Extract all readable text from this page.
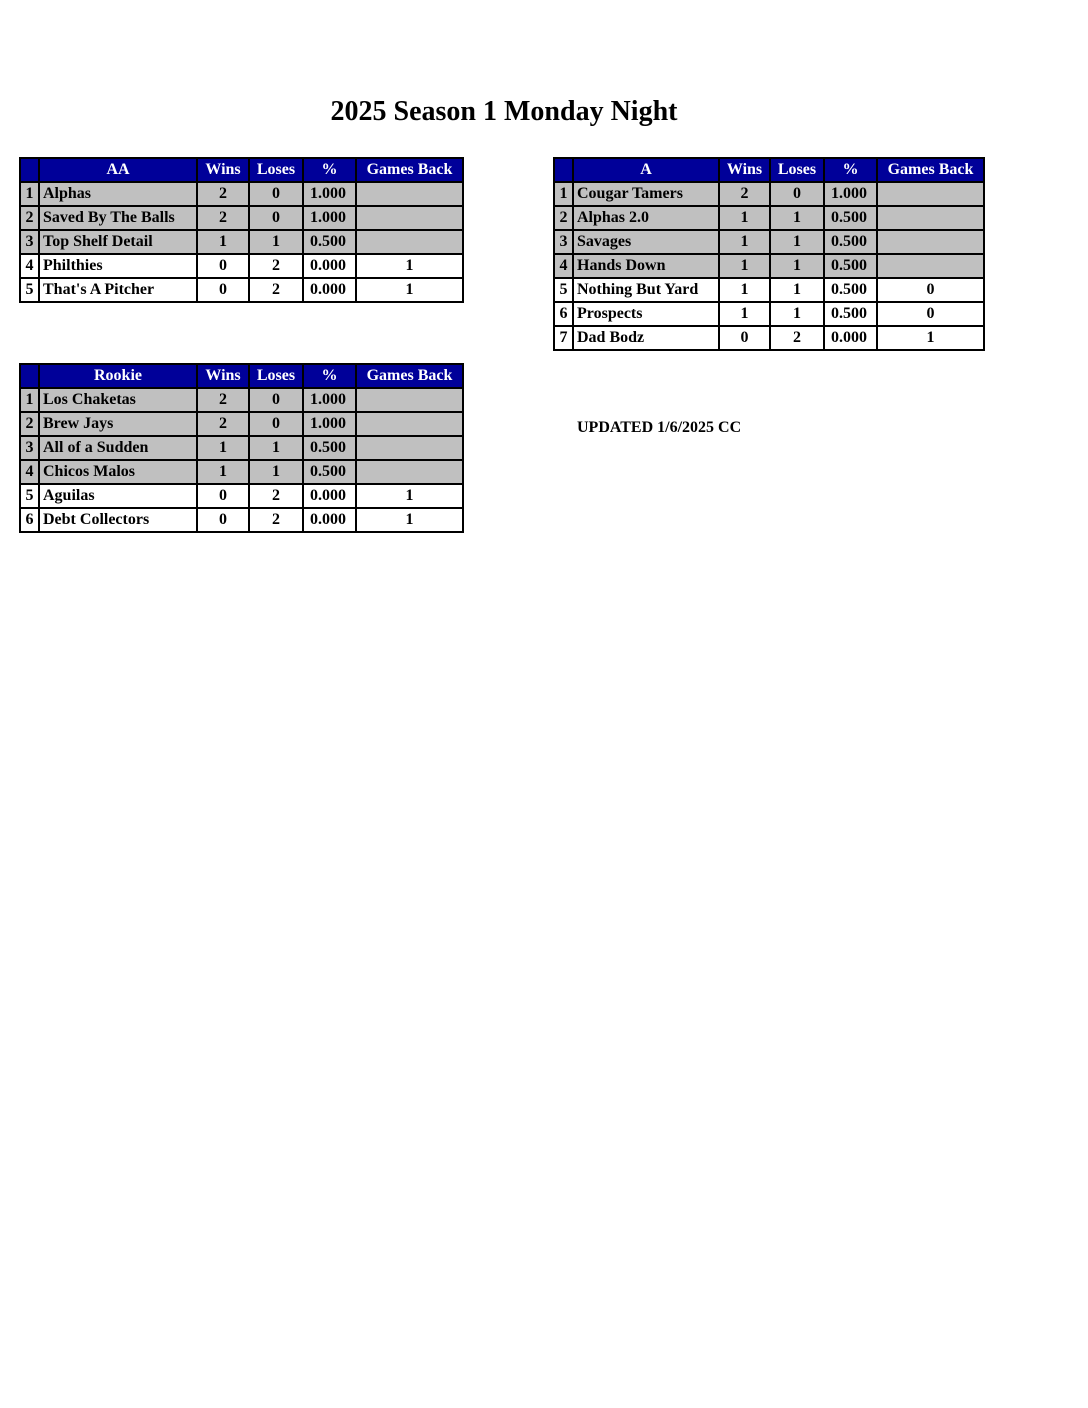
2025 Season 1 Monday Night
	AA	Wins	Loses	%	Games Back
1	Alphas	2	0	1.000	
2	Saved By The Balls	2	0	1.000	
3	Top Shelf Detail	1	1	0.500	
4	Philthies	0	2	0.000	1
5	That's A Pitcher	0	2	0.000	1
	A	Wins	Loses	%	Games Back
1	Cougar Tamers	2	0	1.000	
2	Alphas 2.0	1	1	0.500	
3	Savages	1	1	0.500	
4	Hands Down	1	1	0.500	
5	Nothing But Yard	1	1	0.500	0
6	Prospects	1	1	0.500	0
7	Dad Bodz	0	2	0.000	1
	Rookie	Wins	Loses	%	Games Back
1	Los Chaketas	2	0	1.000	
2	Brew Jays	2	0	1.000	
3	All of a Sudden	1	1	0.500	
4	Chicos Malos	1	1	0.500	
5	Aguilas	0	2	0.000	1
6	Debt Collectors	0	2	0.000	1
UPDATED 1/6/2025 CC
